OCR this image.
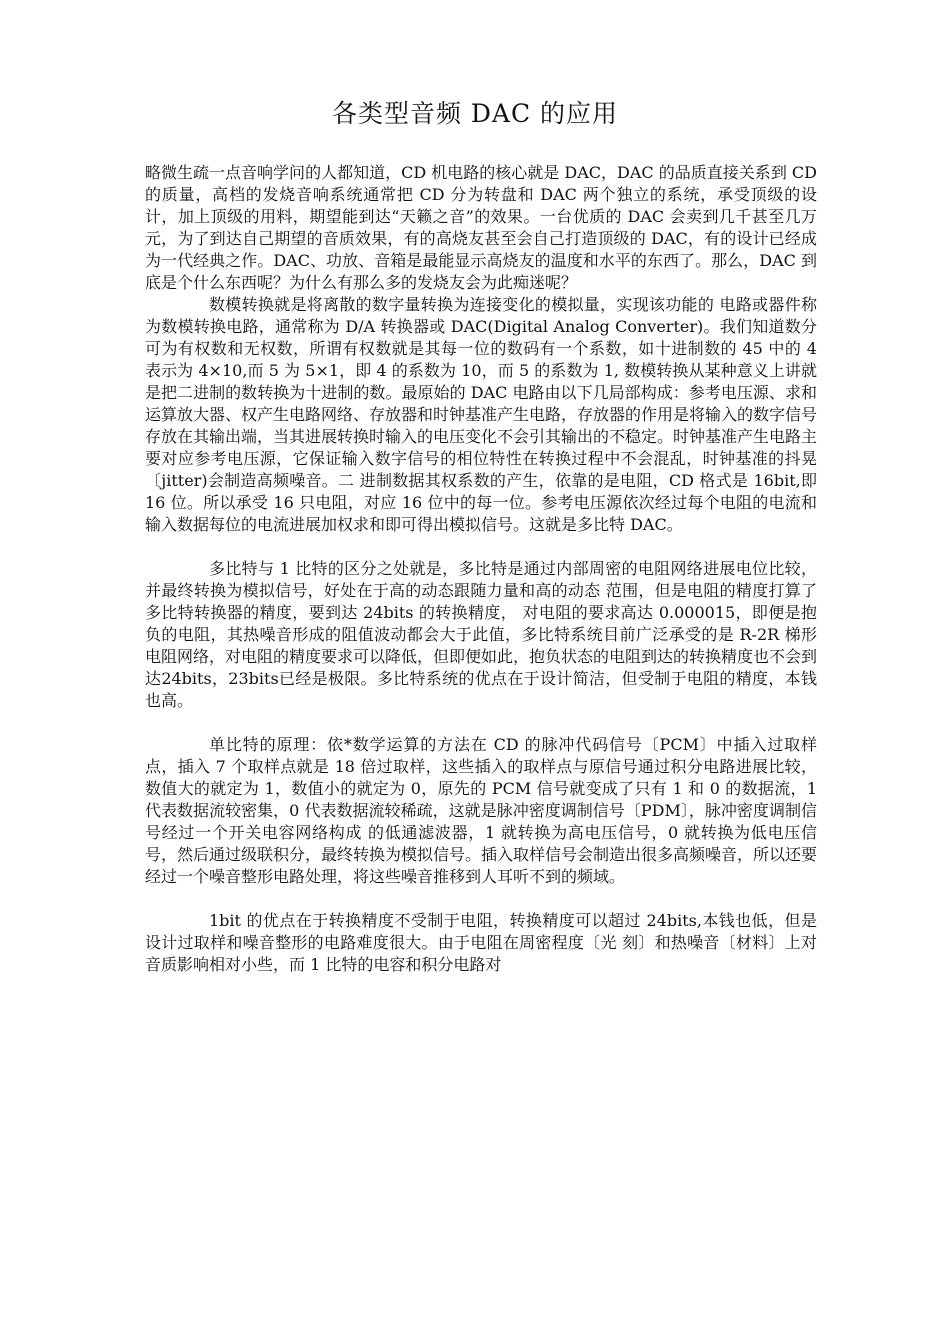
各类型音频 DAC 的应用

略微生疏一点音响学问的人都知道，CD 机电路的核心就是 DAC，DAC 的品质直接关系到 CD 的质量，高档的发烧音响系统通常把 CD 分为转盘和 DAC 两个独立的系统，承受顶级的设计，加上顶级的用料，期望能到达“天籁之音”的效果。一台优质的 DAC 会卖到几千甚至几万元，为了到达自己期望的音质效果，有的高烧友甚至会自己打造顶级的 DAC，有的设计已经成为一代经典之作。DAC、功放、音箱是最能显示高烧友的温度和水平的东西了。那么，DAC 到底是个什么东西呢？为什么有那么多的发烧友会为此痴迷呢？

数模转换就是将离散的数字量转换为连接变化的模拟量，实现该功能的 电路或器件称为数模转换电路，通常称为 D/A 转换器或 DAC(Digital Analog Converter)。我们知道数分可为有权数和无权数，所谓有权数就是其每一位的数码有一个系数，如十进制数的 45 中的 4 表示为 4×10,而 5 为 5×1，即 4 的系数为 10，而 5 的系数为 1, 数模转换从某种意义上讲就是把二进制的数转换为十进制的数。最原始的 DAC 电路由以下几局部构成：参考电压源、求和运算放大器、权产生电路网络、存放器和时钟基准产生电路，存放器的作用是将输入的数字信号存放在其输出端，当其进展转换时输入的电压变化不会引其输出的不稳定。时钟基准产生电路主要对应参考电压源，它保证输入数字信号的相位特性在转换过程中不会混乱，时钟基准的抖晃〔jitter)会制造高频噪音。二 进制数据其权系数的产生，依靠的是电阻，CD 格式是 16bit,即 16 位。所以承受 16 只电阻，对应 16 位中的每一位。参考电压源依次经过每个电阻的电流和输入数据每位的电流进展加权求和即可得出模拟信号。这就是多比特 DAC。

多比特与 1 比特的区分之处就是，多比特是通过内部周密的电阻网络进展电位比较，并最终转换为模拟信号，好处在于高的动态跟随力量和高的动态 范围，但是电阻的精度打算了多比特转换器的精度，要到达 24bits 的转换精度， 对电阻的要求高达 0.000015，即便是抱负的电阻，其热噪音形成的阻值波动都会大于此值，多比特系统目前广泛承受的是 R-2R 梯形电阻网络，对电阻的精度要求可以降低，但即便如此，抱负状态的电阻到达的转换精度也不会到达24bits，23bits已经是极限。多比特系统的优点在于设计简洁，但受制于电阻的精度，本钱也高。

单比特的原理：依*数学运算的方法在 CD 的脉冲代码信号〔PCM〕中插入过取样点，插入 7 个取样点就是 18 倍过取样，这些插入的取样点与原信号通过积分电路进展比较，数值大的就定为 1，数值小的就定为 0，原先的 PCM 信号就变成了只有 1 和 0 的数据流，1 代表数据流较密集，0 代表数据流较稀疏，这就是脉冲密度调制信号〔PDM〕，脉冲密度调制信号经过一个开关电容网络构成 的低通滤波器，1 就转换为高电压信号，0 就转换为低电压信号，然后通过级联积分，最终转换为模拟信号。插入取样信号会制造出很多高频噪音，所以还要经过一个噪音整形电路处理，将这些噪音推移到人耳听不到的频域。

1bit 的优点在于转换精度不受制于电阻，转换精度可以超过 24bits,本钱也低，但是设计过取样和噪音整形的电路难度很大。由于电阻在周密程度〔光 刻〕和热噪音〔材料〕上对音质影响相对小些，而 1 比特的电容和积分电路对
